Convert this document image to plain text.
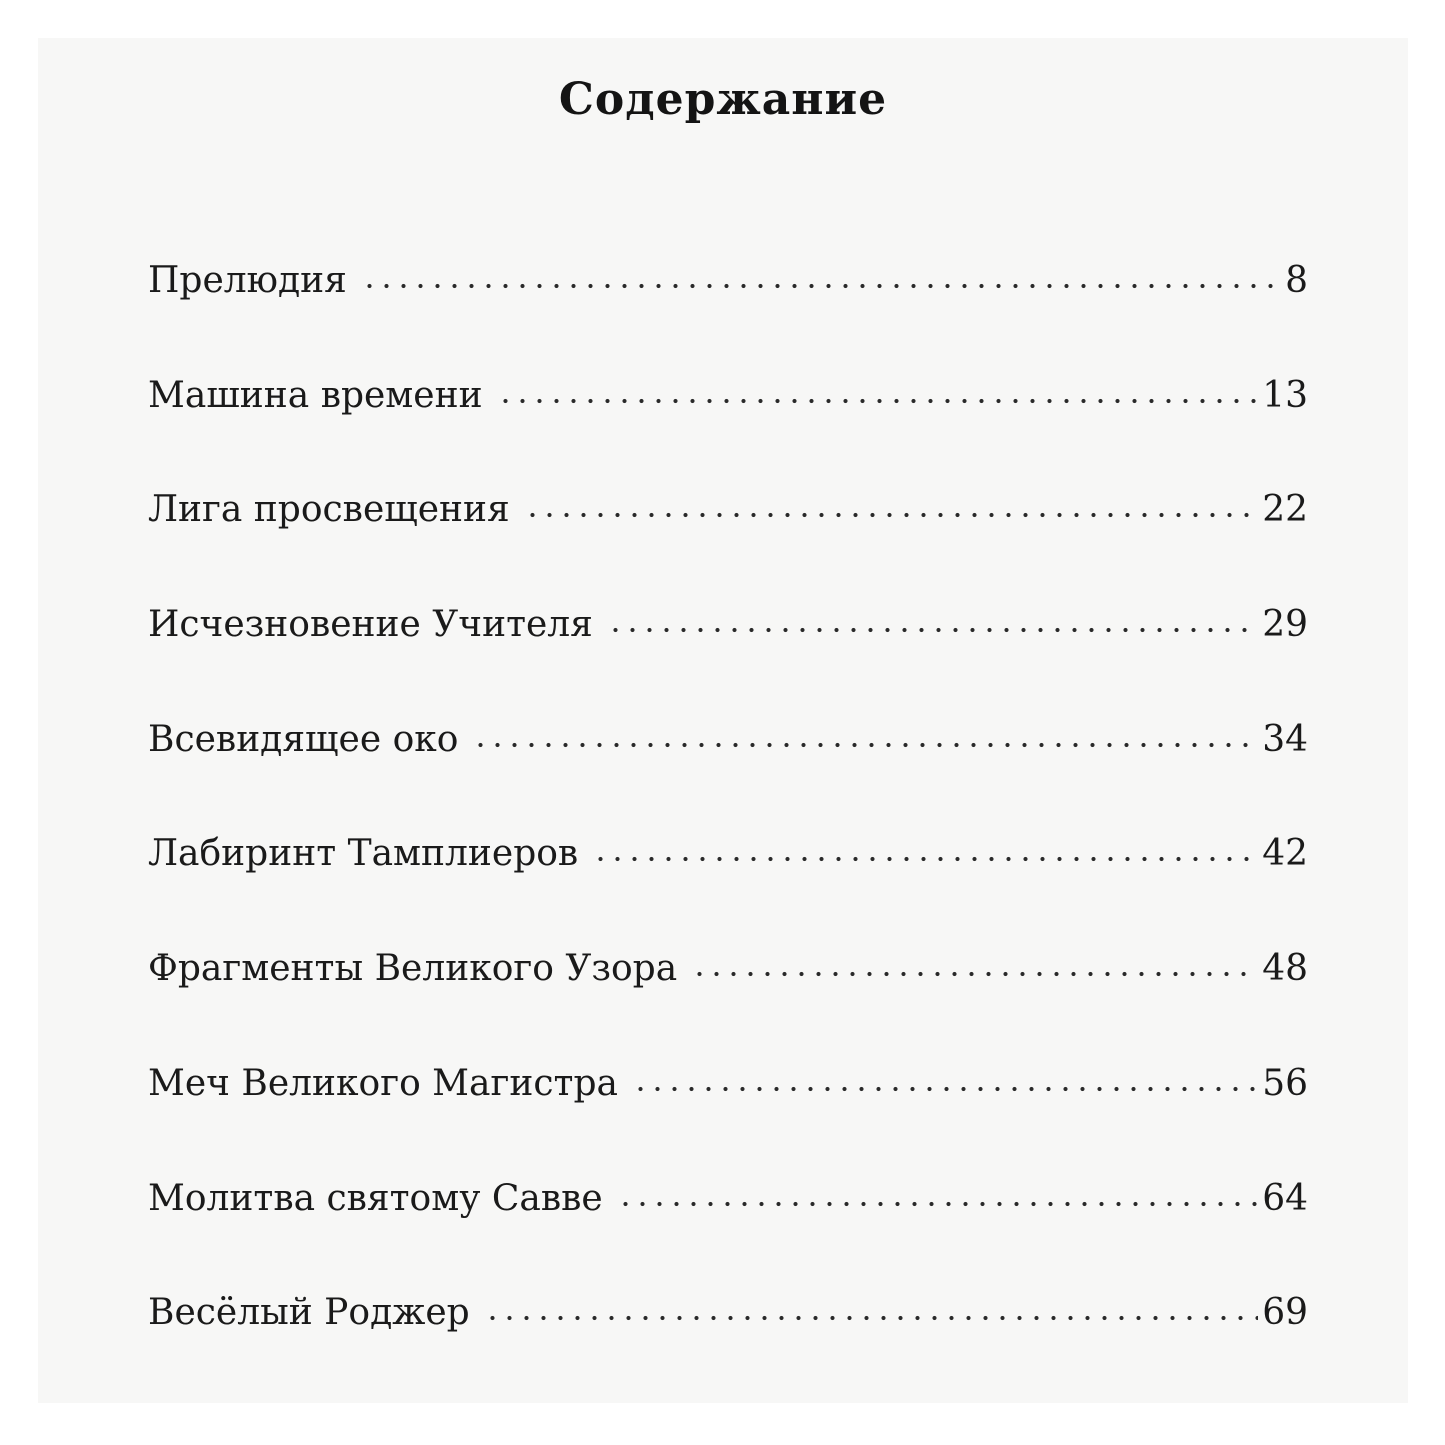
Содержание
Прелюдия	8
Машина времени	13
Лига просвещения	22
Исчезновение Учителя	29
Всевидящее око	34
Лабиринт Тамплиеров	42
Фрагменты Великого Узора	48
Меч Великого Магистра	56
Молитва святому Савве	64
Весёлый Роджер	69
